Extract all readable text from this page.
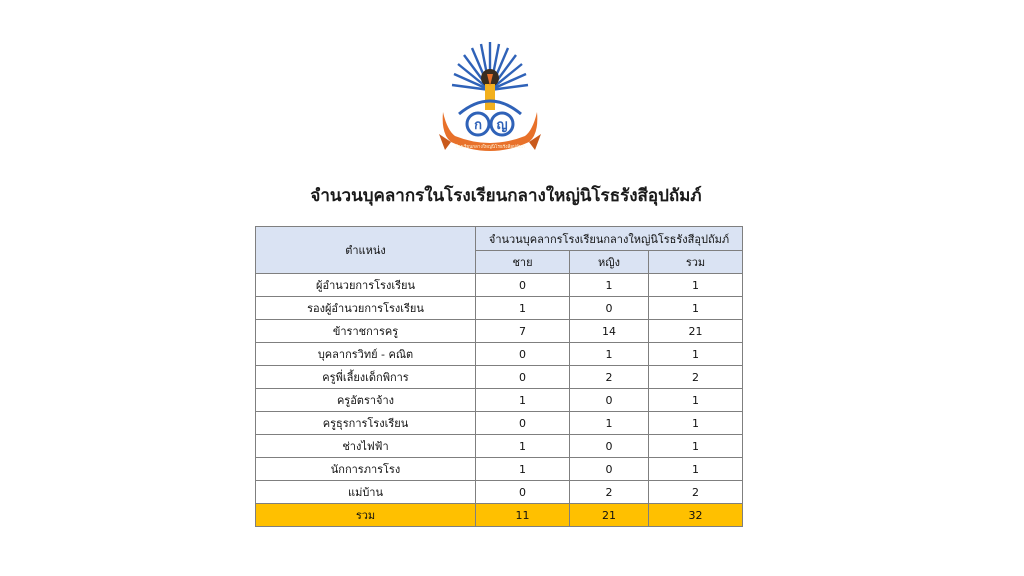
ก ญ
โรงเรียนกลางใหญ่นิโรธรังสีอุปถัมภ์
จำนวนบุคลากรในโรงเรียนกลางใหญ่นิโรธรังสีอุปถัมภ์
ตำแหน่ง	จำนวนบุคลากรโรงเรียนกลางใหญ่นิโรธรังสีอุปถัมภ์		
	ชาย	หญิง	รวม
ผู้อำนวยการโรงเรียน	0	1	1
รองผู้อำนวยการโรงเรียน	1	0	1
ข้าราชการครู	7	14	21
บุคลากรวิทย์ - คณิต	0	1	1
ครูพี่เลี้ยงเด็กพิการ	0	2	2
ครูอัตราจ้าง	1	0	1
ครูธุรการโรงเรียน	0	1	1
ช่างไฟฟ้า	1	0	1
นักการภารโรง	1	0	1
แม่บ้าน	0	2	2
รวม	11	21	32
